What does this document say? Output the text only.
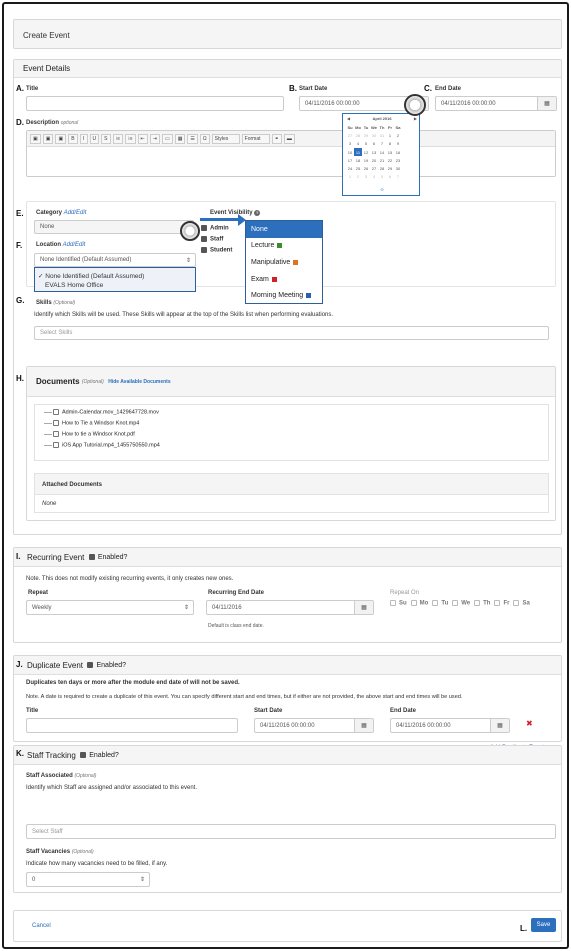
Create Event
Event Details
A. Title	B. Start Date
04/11/2016 00:00:00
C. End Date
04/11/2016 00:00:00	▦
D. Description optional
▣	▣	▣	B	I	U	S	⁝≡	⁝≡	⇤	⇥	▭	▦	☰	Ω	Styles	Format	⚭	▬
◀	April 2016	▶
Su	Mo	Tu	We	Th	Fr	Sa
27	28	29	30	31	1	2
3	4	5	6	7	8	9
10	11	12	13	14	15	16
17	18	19	20	21	22	23
24	25	26	27	28	29	30
1	2	3	4	5	6	7
⊙
E. Category Add/Edit
None
Event Visibility ?
Admin
Staff
Student
None
Lecture
Manipulative
Exam
Morning Meeting
F. Location Add/Edit
None Identified (Default Assumed)	⇕
✓ None Identified (Default Assumed)
EVALS Home Office
G. Skills (Optional)
Identify which Skills will be used. These Skills will appear at the top of the Skills list when performing evaluations.
Select Skills
H. Documents
(Optional)
Hide Available Documents
Admin-Calendar.mov_1429647728.mov
How to Tie a Windsor Knot.mp4
How to tie a Windsor Knot.pdf
iOS App Tutorial.mp4_1455750550.mp4
Attached Documents
None
Recurring Event
Enabled?
I.
Note. This does not modify existing recurring events, it only creates new ones.
Repeat
Weekly	⇕
Recurring End Date
04/11/2016	▦
Default is class end date.
Repeat On
Su	Mo	Tu	We	Th	Fr	Sa
Duplicate Event
Enabled?
J.
Duplicates ten days or more after the module end date of will not be saved.
Note. A date is required to create a duplicate of this event. You can specify different start and end times, but if either are not provided, the above start and end times will be used.
Title	Start Date
04/11/2016 00:00:00	▦
End Date
04/11/2016 00:00:00	▦	✖
Staff Tracking
Enabled?
K.
Staff Associated (Optional)
Identify which Staff are assigned and/or associated to this event.
Select Staff
Staff Vacancies (Optional)
Indicate how many vacancies need to be filled, if any.
0	⇕
Cancel	L.	Save
